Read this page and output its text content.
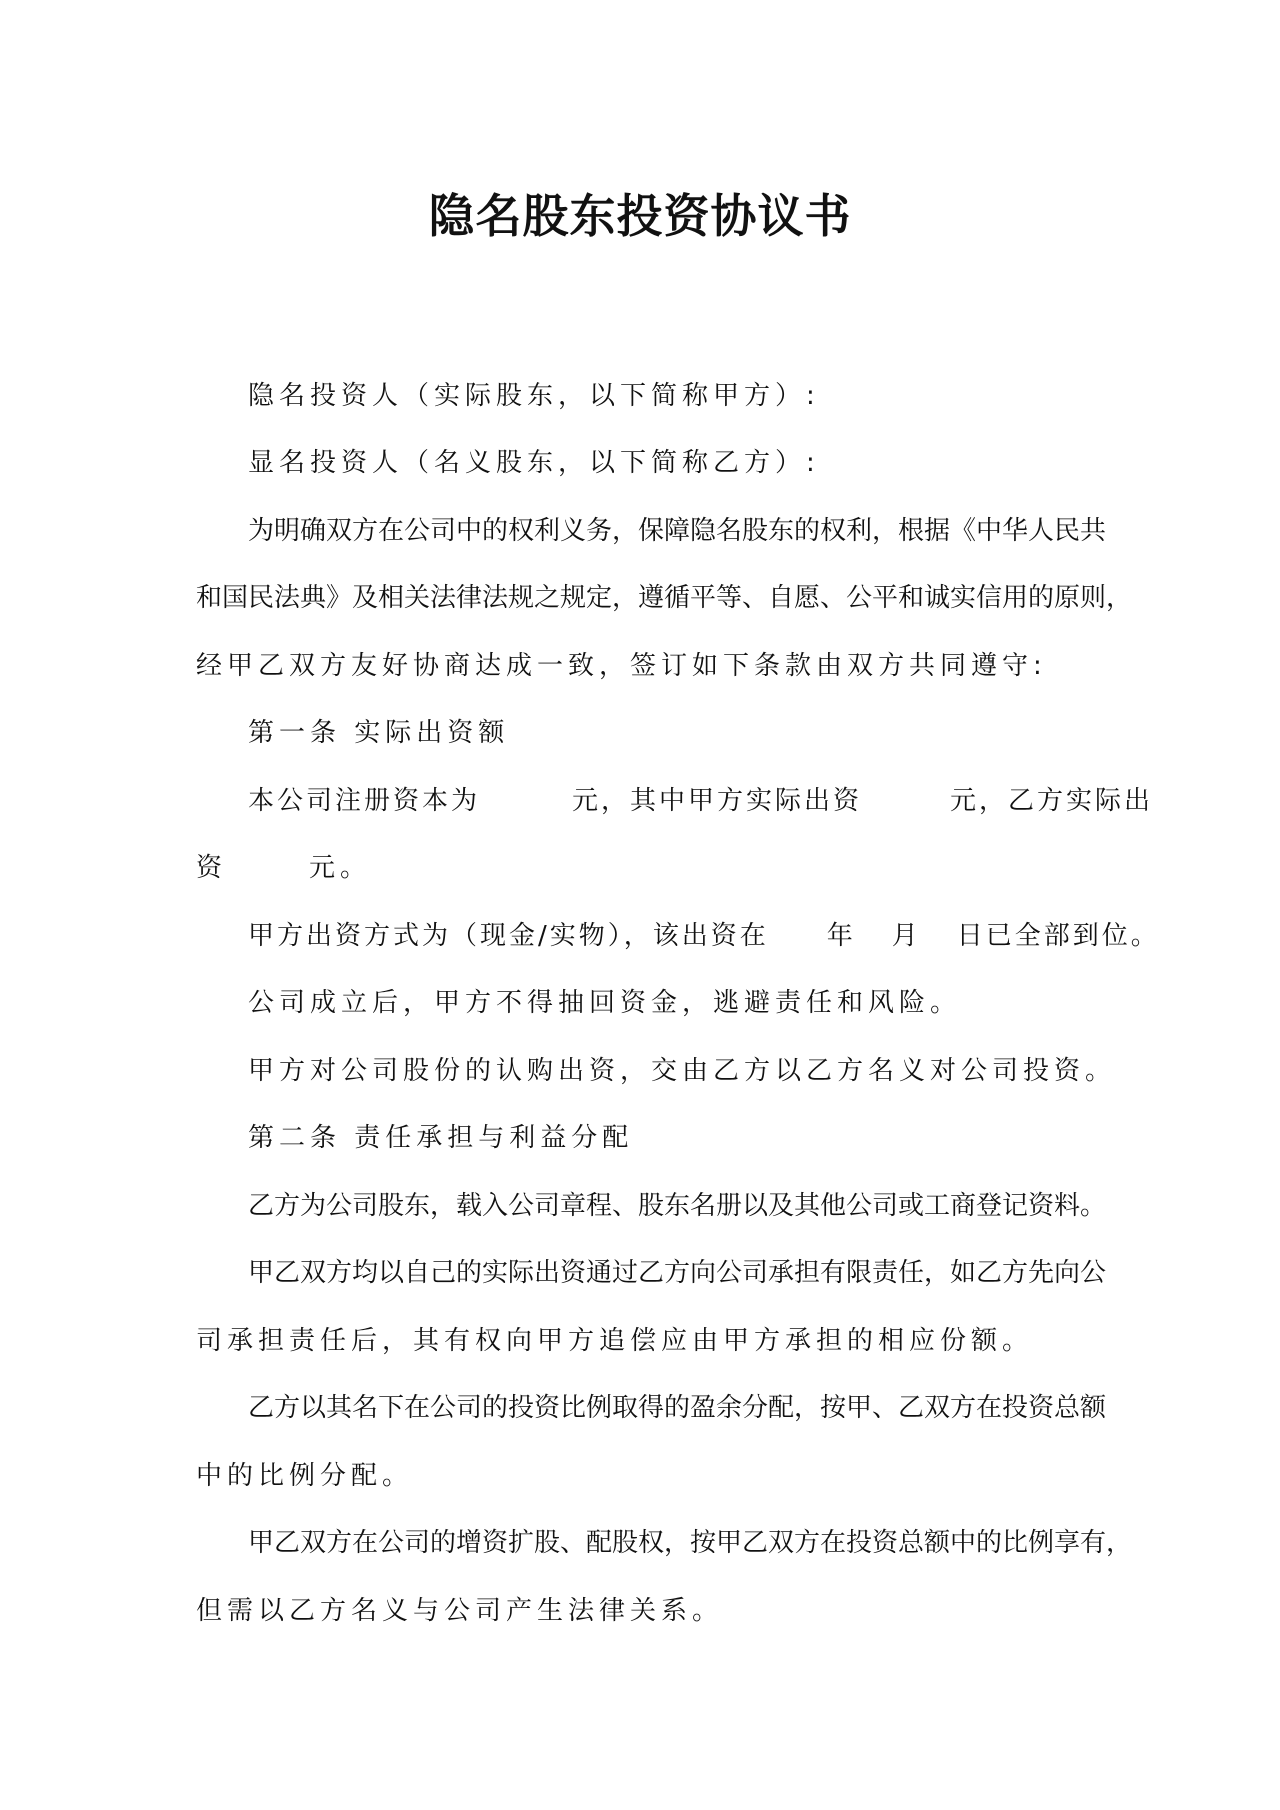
隐名股东投资协议书
隐名投资人（实际股东，以下简称甲方）:
显名投资人（名义股东，以下简称乙方）:
为明确双方在公司中的权利义务，保障隐名股东的权利，根据《中华人民共
和国民法典》及相关法律法规之规定，遵循平等、自愿、公平和诚实信用的原则，
经甲乙双方友好协商达成一致，签订如下条款由双方共同遵守:
第一条 实际出资额
本公司注册资本为	元，其中甲方实际出资	元，乙方实际出
资	元。
甲方出资方式为（现金/实物），该出资在 年 月 日已全部到位。
公司成立后，甲方不得抽回资金，逃避责任和风险。
甲方对公司股份的认购出资，交由乙方以乙方名义对公司投资。
第二条 责任承担与利益分配
乙方为公司股东，载入公司章程、股东名册以及其他公司或工商登记资料。
甲乙双方均以自己的实际出资通过乙方向公司承担有限责任，如乙方先向公
司承担责任后，其有权向甲方追偿应由甲方承担的相应份额。
乙方以其名下在公司的投资比例取得的盈余分配，按甲、乙双方在投资总额
中的比例分配。
甲乙双方在公司的增资扩股、配股权，按甲乙双方在投资总额中的比例享有，
但需以乙方名义与公司产生法律关系。
